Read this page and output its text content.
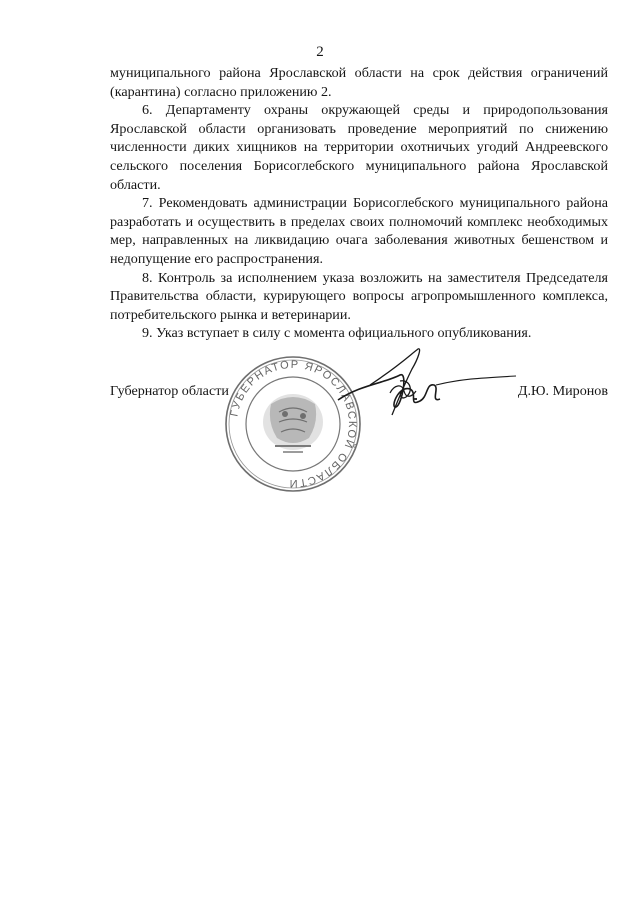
2

муниципального района Ярославской области на срок действия ограничений (карантина) согласно приложению 2.

6. Департаменту охраны окружающей среды и природопользования Ярославской области организовать проведение мероприятий по снижению численности диких хищников на территории охотничьих угодий Андреевского сельского поселения Борисоглебского муниципального района Ярославской области.

7. Рекомендовать администрации Борисоглебского муниципального района разработать и осуществить в пределах своих полномочий комплекс необходимых мер, направленных на ликвидацию очага заболевания животных бешенством и недопущение его распространения.

8. Контроль за исполнением указа возложить на заместителя Председателя Правительства области, курирующего вопросы агропромышленного комплекса, потребительского рынка и ветеринарии.

9. Указ вступает в силу с момента официального опубликования.

ГУБЕРНАТОР ЯРОСЛАВСКОЙ ОБЛАСТИ
Губернатор области	Д.Ю. Миронов
